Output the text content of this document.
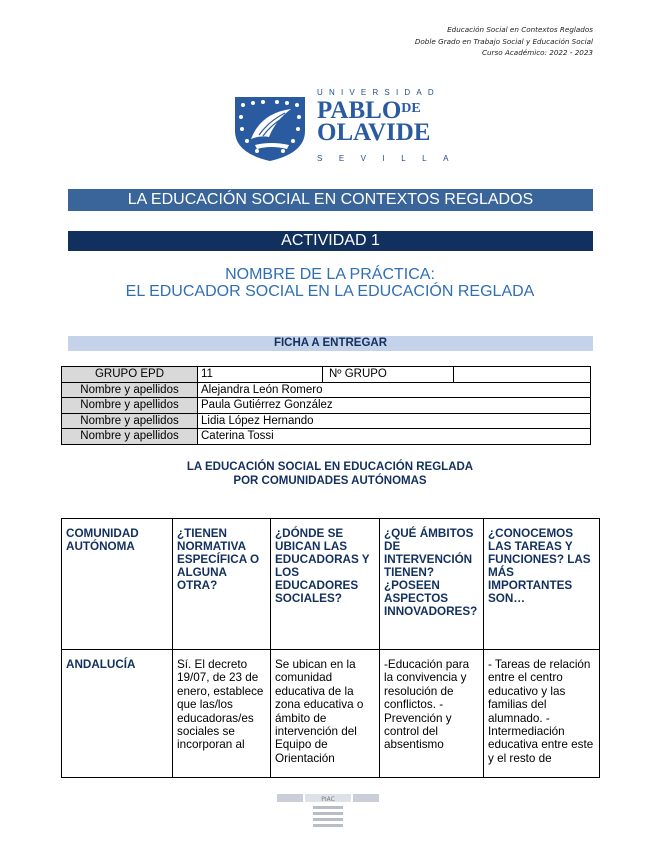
Educación Social en Contextos Reglados
Doble Grado en Trabajo Social y Educación Social
Curso Académico: 2022 - 2023
UNIVERSIDAD
$PABLO^{DE}$
OLAVIDE
SEVILLA
LA EDUCACIÓN SOCIAL EN CONTEXTOS REGLADOS
ACTIVIDAD 1
NOMBRE DE LA PRÁCTICA:
EL EDUCADOR SOCIAL EN LA EDUCACIÓN REGLADA
FICHA A ENTREGAR
GRUPO EPD	11	Nº GRUPO	
Nombre y apellidos	Alejandra León Romero		
Nombre y apellidos	Paula Gutiérrez González		
Nombre y apellidos	Lidia López Hernando		
Nombre y apellidos	Caterina Tossi		
LA EDUCACIÓN SOCIAL EN EDUCACIÓN REGLADA
POR COMUNIDADES AUTÓNOMAS
COMUNIDAD AUTÓNOMA	¿TIENEN NORMATIVA ESPECÍFICA O ALGUNA OTRA?	¿DÓNDE SE UBICAN LAS EDUCADORAS Y LOS EDUCADORES SOCIALES?	¿QUÉ ÁMBITOS DE INTERVENCIÓN TIENEN? ¿POSEEN ASPECTOS INNOVADORES?	¿CONOCEMOS LAS TAREAS Y FUNCIONES? LAS MÁS IMPORTANTES SON…
ANDALUCÍA	Sí. El decreto 19/07, de 23 de enero, establece que las/los educadoras/es sociales se incorporan al	Se ubican en la comunidad educativa de la zona educativa o ámbito de intervención del Equipo de Orientación	-Educación para la convivencia y resolución de conflictos. -Prevención y control del absentismo	- Tareas de relación entre el centro educativo y las familias del alumnado. - Intermediación educativa entre este y el resto de
PIAC
